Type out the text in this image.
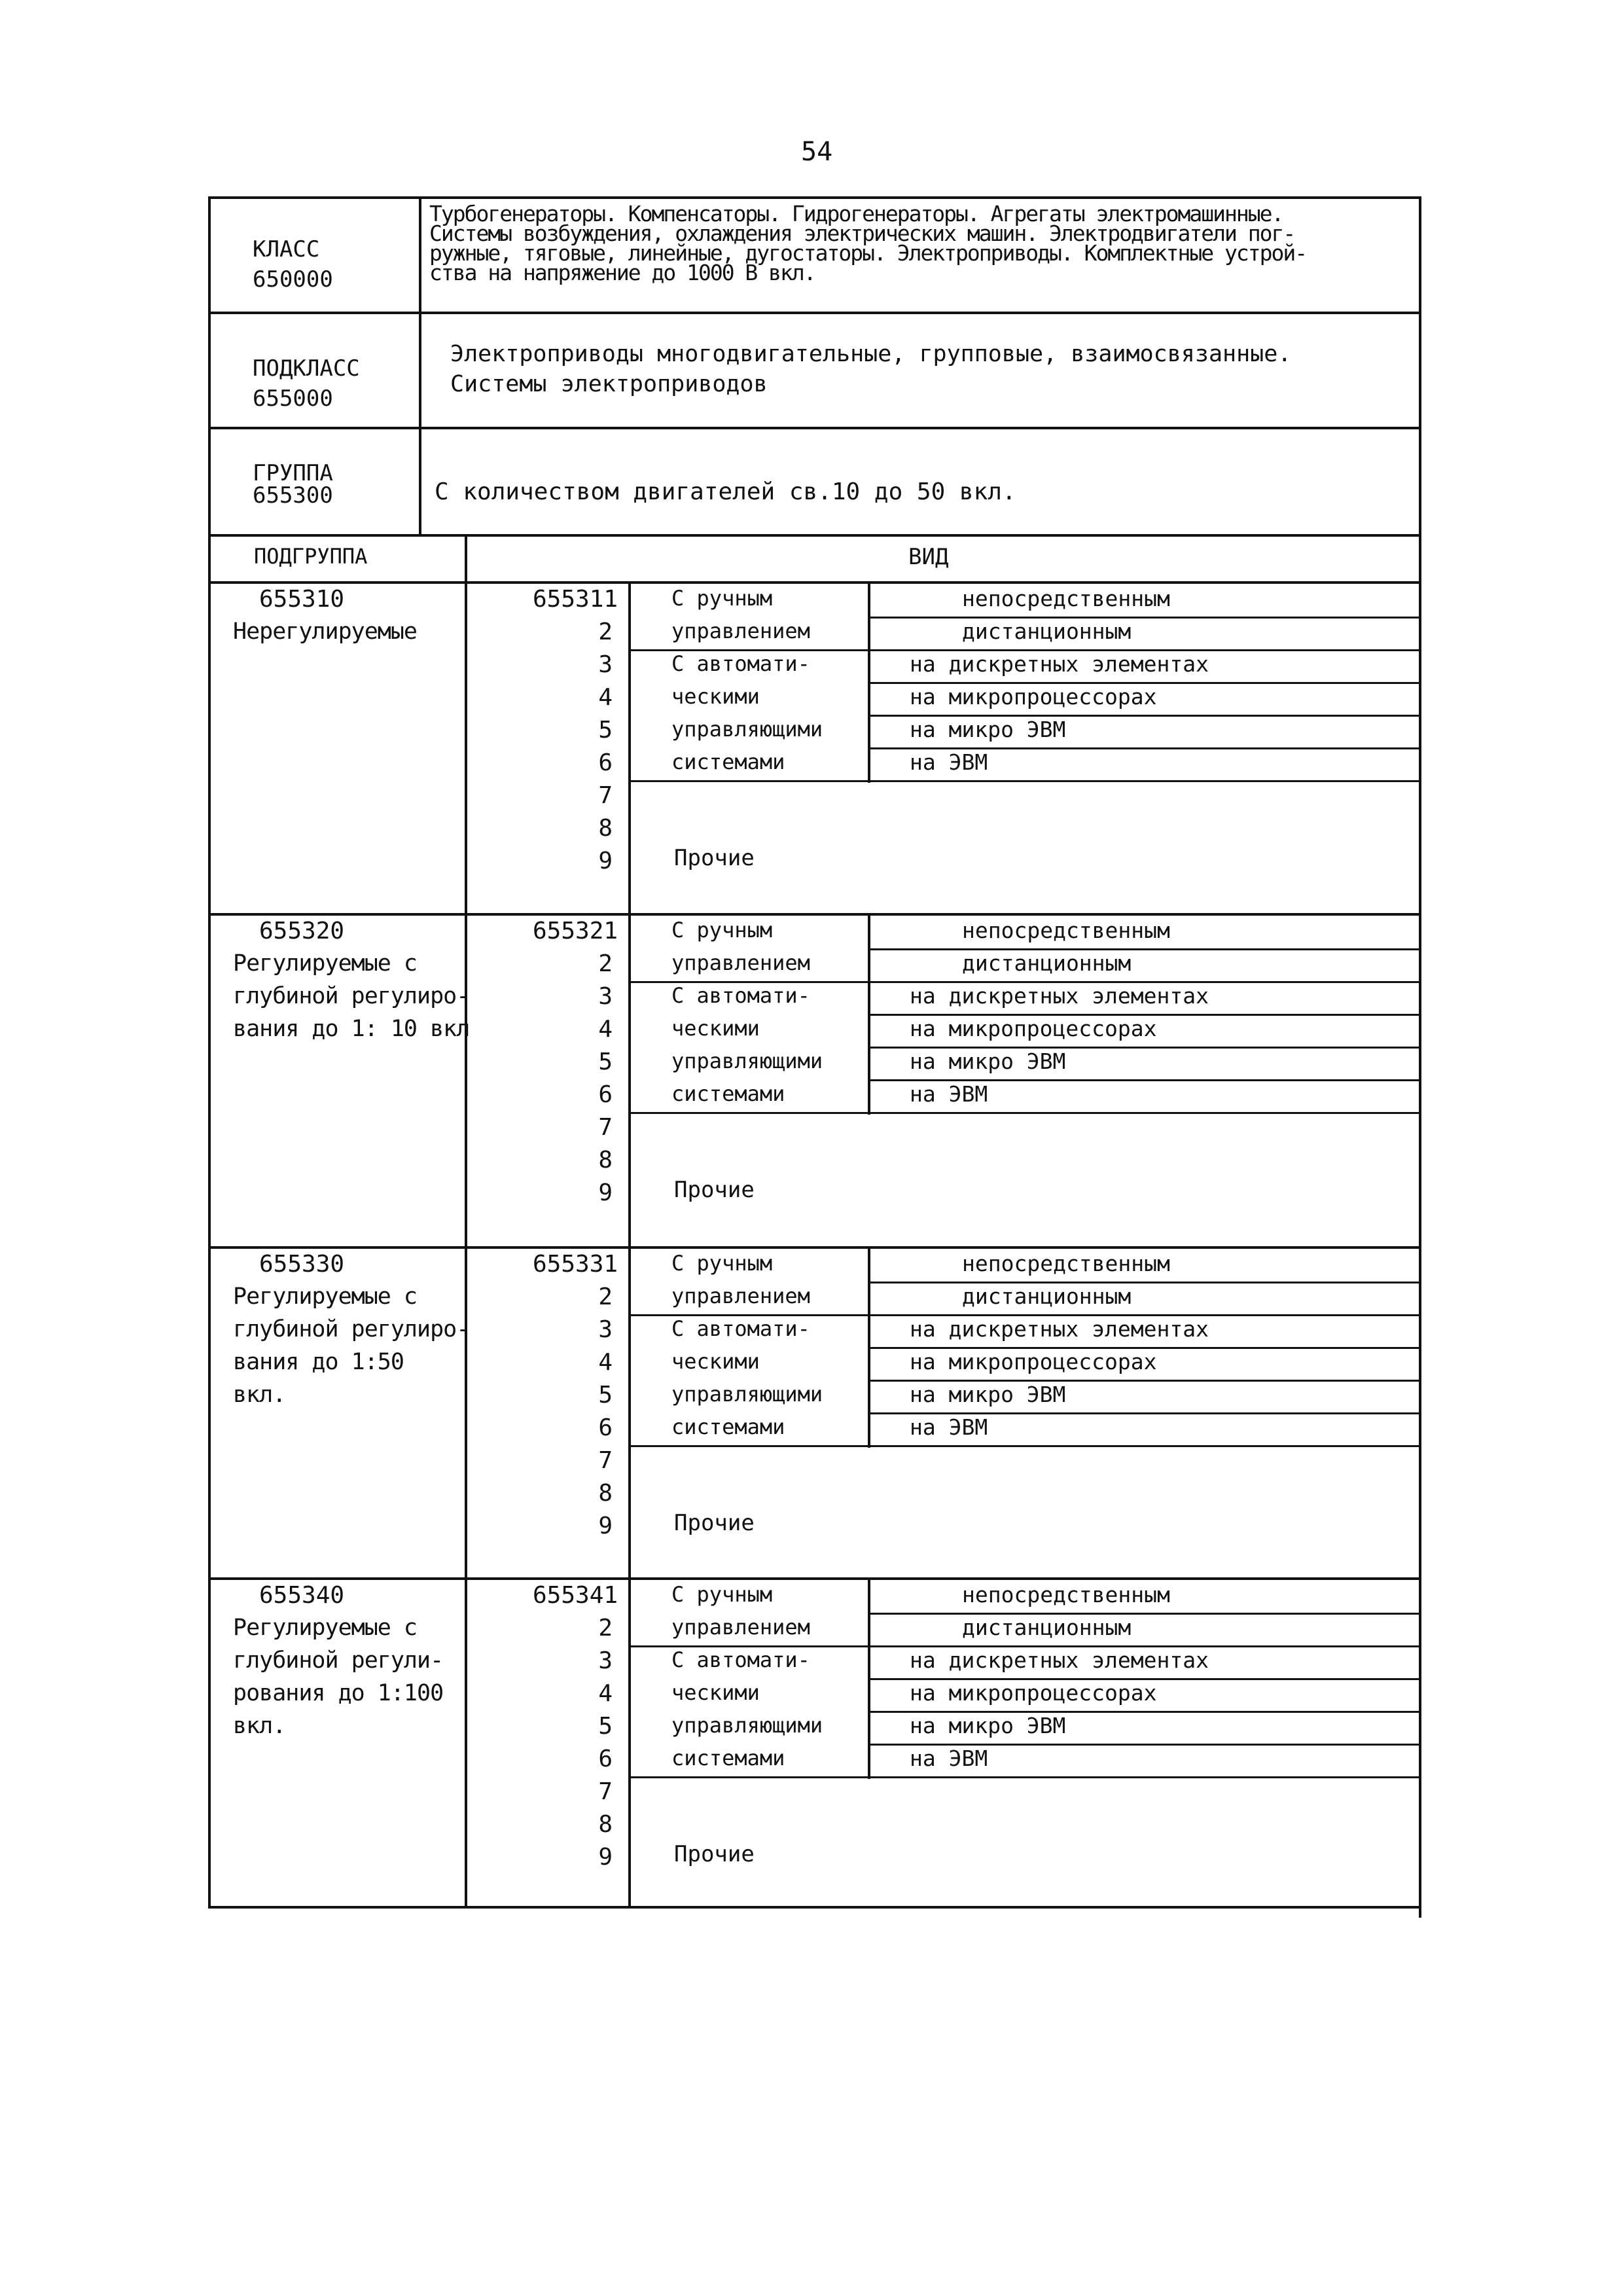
54
КЛАСС
650000
Турбогенераторы. Компенсаторы. Гидрогенераторы. Агрегаты электромашинные.
Системы возбуждения, охлаждения электрических машин. Электродвигатели пог-
ружные, тяговые, линейные, дугостаторы. Электроприводы. Комплектные устрой-
ства на напряжение до 1000 В вкл.
ПОДКЛАСС
655000
Электроприводы многодвигательные, групповые, взаимосвязанные.
Системы электроприводов
ГРУППА
655300	С количеством двигателей св.10 до 50 вкл.
ПОДГРУППА	ВИД
655310
Нерегулируемые
655311
2
3
4
5
6
7
8
9
С ручным
управлением
С автомати-
ческими
управляющими
системами
непосредственным
дистанционным
на дискретных элементах
на микропроцессорах
на микро ЭВМ
на ЭВМ
Прочие
655320
Регулируемые с
глубиной регулиро-
вания до 1: 10 вкл
655321
2
3
4
5
6
7
8
9
С ручным
управлением
С автомати-
ческими
управляющими
системами
непосредственным
дистанционным
на дискретных элементах
на микропроцессорах
на микро ЭВМ
на ЭВМ
Прочие
655330
Регулируемые с
глубиной регулиро-
вания до 1:50
вкл.
655331
2
3
4
5
6
7
8
9
С ручным
управлением
С автомати-
ческими
управляющими
системами
непосредственным
дистанционным
на дискретных элементах
на микропроцессорах
на микро ЭВМ
на ЭВМ
Прочие
655340
Регулируемые с
глубиной регули-
рования до 1:100
вкл.
655341
2
3
4
5
6
7
8
9
С ручным
управлением
С автомати-
ческими
управляющими
системами
непосредственным
дистанционным
на дискретных элементах
на микропроцессорах
на микро ЭВМ
на ЭВМ
Прочие
